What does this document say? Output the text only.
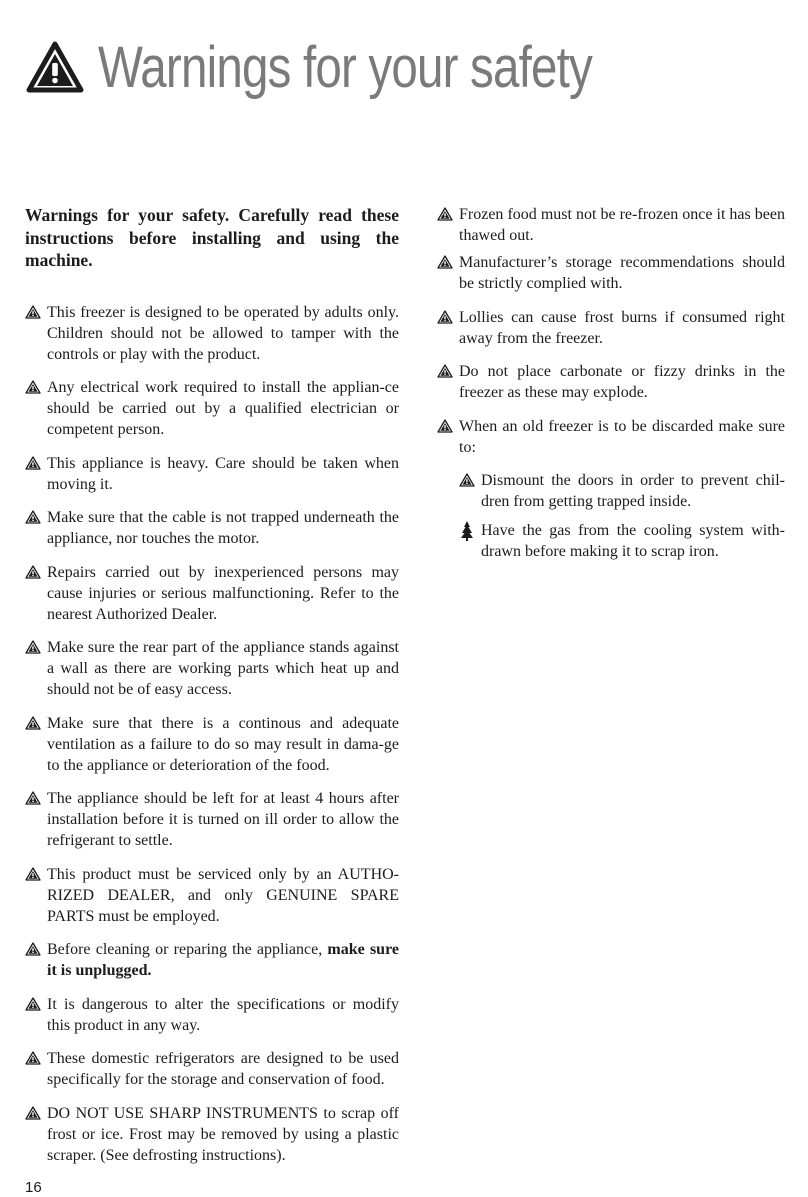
Warnings for your safety

Warnings for your safety. Carefully read these instructions before installing and using the machine.

This freezer is designed to be operated by adults only. Children should not be allowed to tamper with the controls or play with the product.
Any electrical work required to install the applian-ce should be carried out by a qualified electrician or competent person.
This appliance is heavy. Care should be taken when moving it.
Make sure that the cable is not trapped underneath the appliance, nor touches the motor.
Repairs carried out by inexperienced persons may cause injuries or serious malfunctioning. Refer to the nearest Authorized Dealer.
Make sure the rear part of the appliance stands against a wall as there are working parts which heat up and should not be of easy access.
Make sure that there is a continous and adequate ventilation as a failure to do so may result in dama-ge to the appliance or deterioration of the food.
The appliance should be left for at least 4 hours after installation before it is turned on ill order to allow the refrigerant to settle.
This product must be serviced only by an AUTHO-RIZED DEALER, and only GENUINE SPARE PARTS must be employed.
Before cleaning or reparing the appliance, make sure it is unplugged.
It is dangerous to alter the specifications or modify this product in any way.
These domestic refrigerators are designed to be used specifically for the storage and conservation of food.
DO NOT USE SHARP INSTRUMENTS to scrap off frost or ice. Frost may be removed by using a plastic scraper. (See defrosting instructions).
Frozen food must not be re-frozen once it has been thawed out.
Manufacturer’s storage recommendations should be strictly complied with.
Lollies can cause frost burns if consumed right away from the freezer.
Do not place carbonate or fizzy drinks in the freezer as these may explode.
When an old freezer is to be discarded make sure to:
Dismount the doors in order to prevent chil-dren from getting trapped inside.
Have the gas from the cooling system with-drawn before making it to scrap iron.
16
